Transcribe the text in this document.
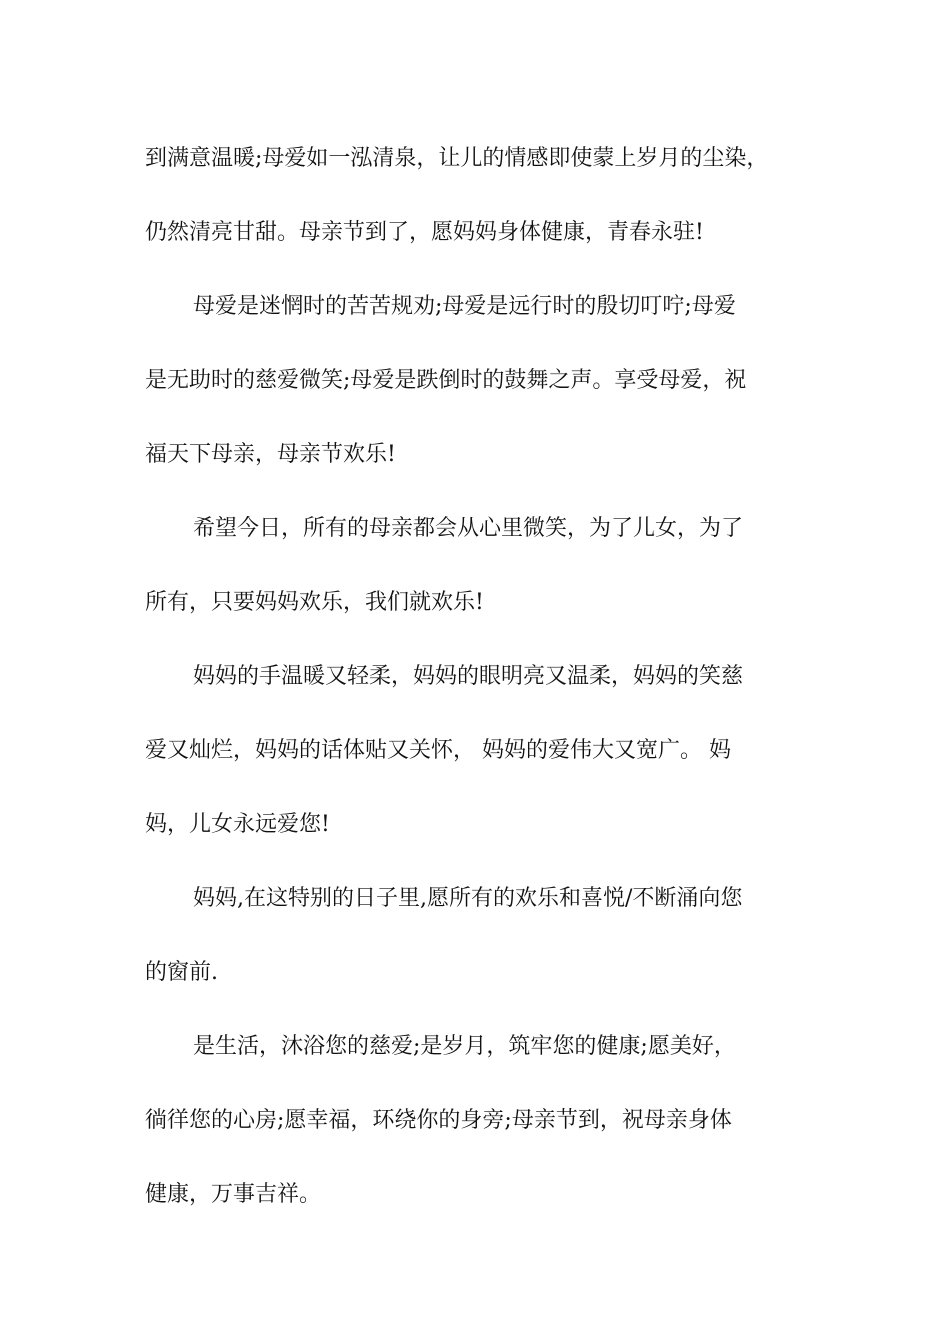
到满意温暖;母爱如一泓清泉，让儿的情感即使蒙上岁月的尘染，
仍然清亮甘甜。母亲节到了，愿妈妈身体健康，青春永驻!
母爱是迷惘时的苦苦规劝;母爱是远行时的殷切叮咛;母爱
是无助时的慈爱微笑;母爱是跌倒时的鼓舞之声。享受母爱，祝
福天下母亲，母亲节欢乐!
希望今日，所有的母亲都会从心里微笑，为了儿女，为了
所有，只要妈妈欢乐，我们就欢乐!
妈妈的手温暖又轻柔，妈妈的眼明亮又温柔，妈妈的笑慈
爱又灿烂，妈妈的话体贴又关怀， 妈妈的爱伟大又宽广。 妈
妈，儿女永远爱您!
妈妈,在这特别的日子里,愿所有的欢乐和喜悦/不断涌向您
的窗前.
是生活，沐浴您的慈爱;是岁月，筑牢您的健康;愿美好，
徜徉您的心房;愿幸福，环绕你的身旁;母亲节到，祝母亲身体
健康，万事吉祥。
